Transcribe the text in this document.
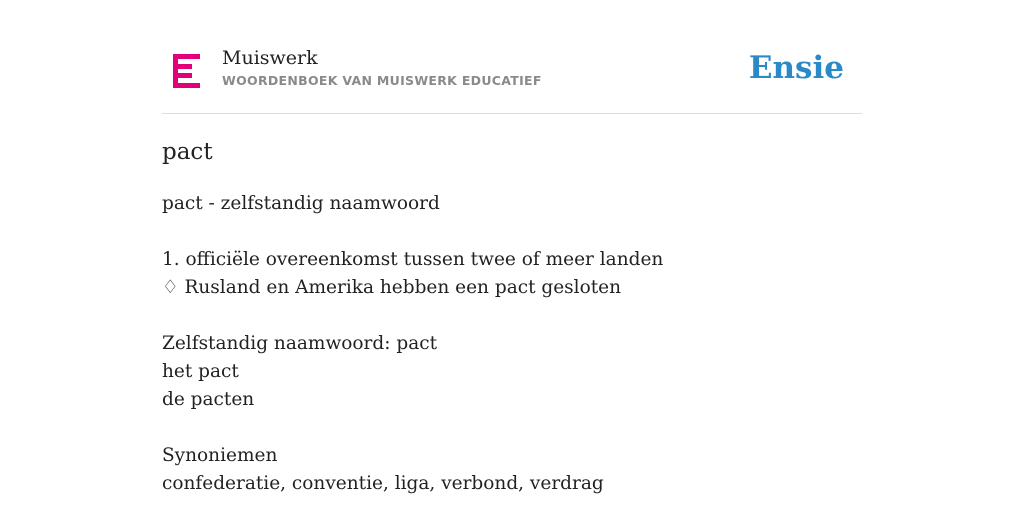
Muiswerk
WOORDENBOEK VAN MUISWERK EDUCATIEF	Ensie
pact
pact - zelfstandig naamwoord
1. officiële overeenkomst tussen twee of meer landen
♢ Rusland en Amerika hebben een pact gesloten
Zelfstandig naamwoord: pact
het pact
de pacten
Synoniemen
confederatie, conventie, liga, verbond, verdrag
